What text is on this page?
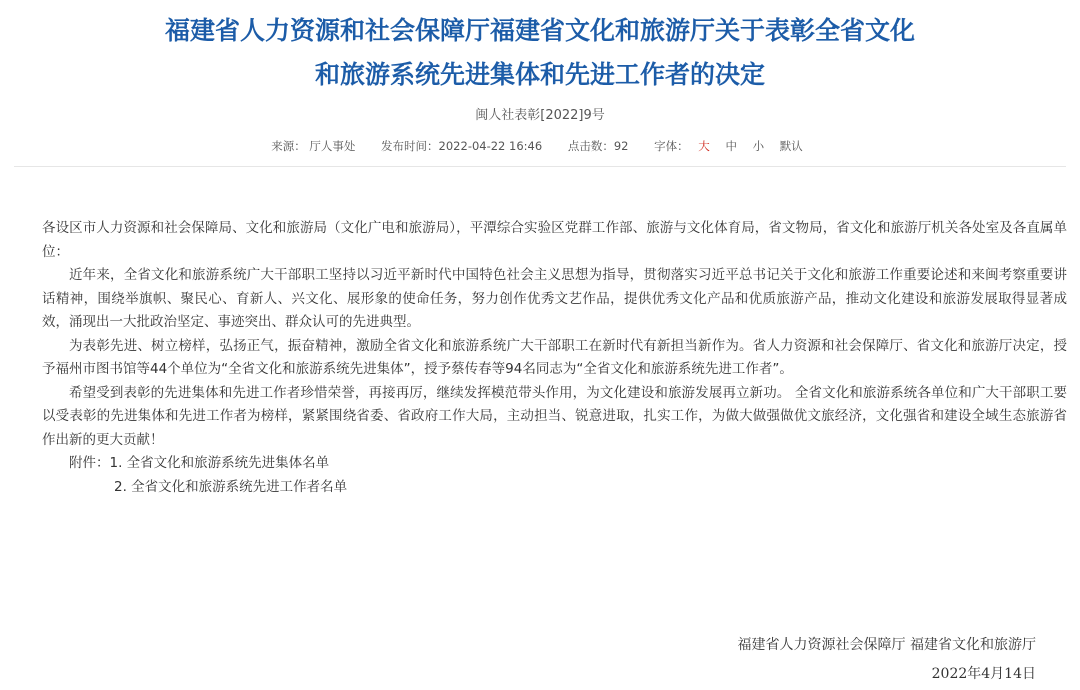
福建省人力资源和社会保障厅福建省文化和旅游厅关于表彰全省文化
和旅游系统先进集体和先进工作者的决定
闽人社表彰[2022]9号
来源： 厅人事处 发布时间：2022-04-22 16:46 点击数：92 字体： 大 中 小 默认

各设区市人力资源和社会保障局、文化和旅游局（文化广电和旅游局），平潭综合实验区党群工作部、旅游与文化体育局，省文物局，省文化和旅游厅机关各处室及各直属单位：

近年来，全省文化和旅游系统广大干部职工坚持以习近平新时代中国特色社会主义思想为指导，贯彻落实习近平总书记关于文化和旅游工作重要论述和来闽考察重要讲话精神，围绕举旗帜、聚民心、育新人、兴文化、展形象的使命任务，努力创作优秀文艺作品，提供优秀文化产品和优质旅游产品，推动文化建设和旅游发展取得显著成效，涌现出一大批政治坚定、事迹突出、群众认可的先进典型。

为表彰先进、树立榜样，弘扬正气，振奋精神，激励全省文化和旅游系统广大干部职工在新时代有新担当新作为。省人力资源和社会保障厅、省文化和旅游厅决定，授予福州市图书馆等44个单位为“全省文化和旅游系统先进集体”，授予蔡传春等94名同志为“全省文化和旅游系统先进工作者”。

希望受到表彰的先进集体和先进工作者珍惜荣誉，再接再厉，继续发挥模范带头作用，为文化建设和旅游发展再立新功。 全省文化和旅游系统各单位和广大干部职工要以受表彰的先进集体和先进工作者为榜样，紧紧围绕省委、省政府工作大局，主动担当、锐意进取，扎实工作，为做大做强做优文旅经济，文化强省和建设全域生态旅游省作出新的更大贡献！

附件：1. 全省文化和旅游系统先进集体名单

2. 全省文化和旅游系统先进工作者名单

福建省人力资源社会保障厅 福建省文化和旅游厅
2022年4月14日
